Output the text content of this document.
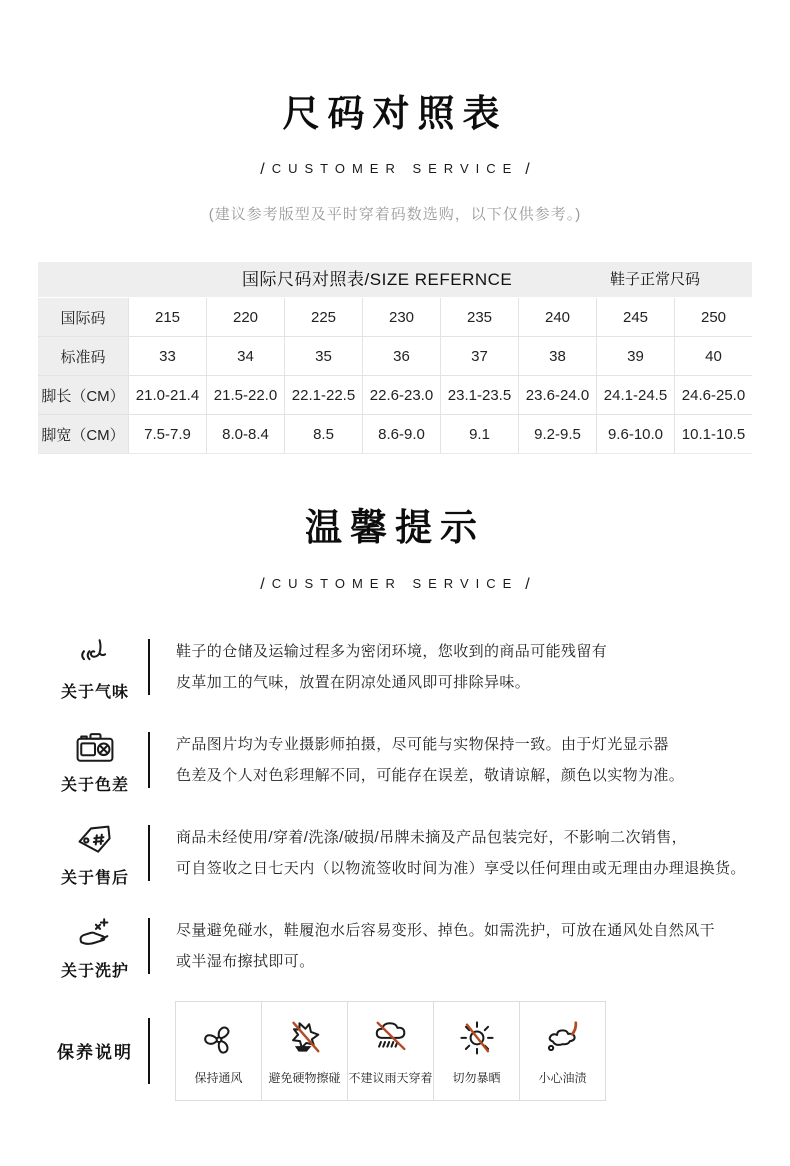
尺码对照表
/ CUSTOMER SERVICE /
(建议参考版型及平时穿着码数选购，以下仅供参考。)
国际尺码对照表/SIZE REFERNCE	鞋子正常尺码
国际码	215	220	225	230	235	240	245	250
标准码	33	34	35	36	37	38	39	40
脚长（CM） 21.0-21.4 21.5-22.0 22.1-22.5 22.6-23.0 23.1-23.5 23.6-24.0 24.1-24.5 24.6-25.0
脚宽（CM）	7.5-7.9	8.0-8.4	8.5	8.6-9.0	9.1	9.2-9.5	9.6-10.0	10.1-10.5
温馨提示
/ CUSTOMER SERVICE /
关于气味
鞋子的仓储及运输过程多为密闭环境，您收到的商品可能残留有
皮革加工的气味，放置在阴凉处通风即可排除异味。
关于色差
产品图片均为专业摄影师拍摄，尽可能与实物保持一致。由于灯光显示器
色差及个人对色彩理解不同，可能存在误差，敬请谅解，颜色以实物为准。
关于售后
商品未经使用/穿着/洗涤/破损/吊牌未摘及产品包装完好，不影响二次销售，
可自签收之日七天内（以物流签收时间为准）享受以任何理由或无理由办理退换货。
关于洗护
尽量避免碰水，鞋履泡水后容易变形、掉色。如需洗护，可放在通风处自然风干
或半湿布擦拭即可。
保养说明
保持通风 避免硬物擦碰 不建议雨天穿着 切勿暴晒	小心油渍
